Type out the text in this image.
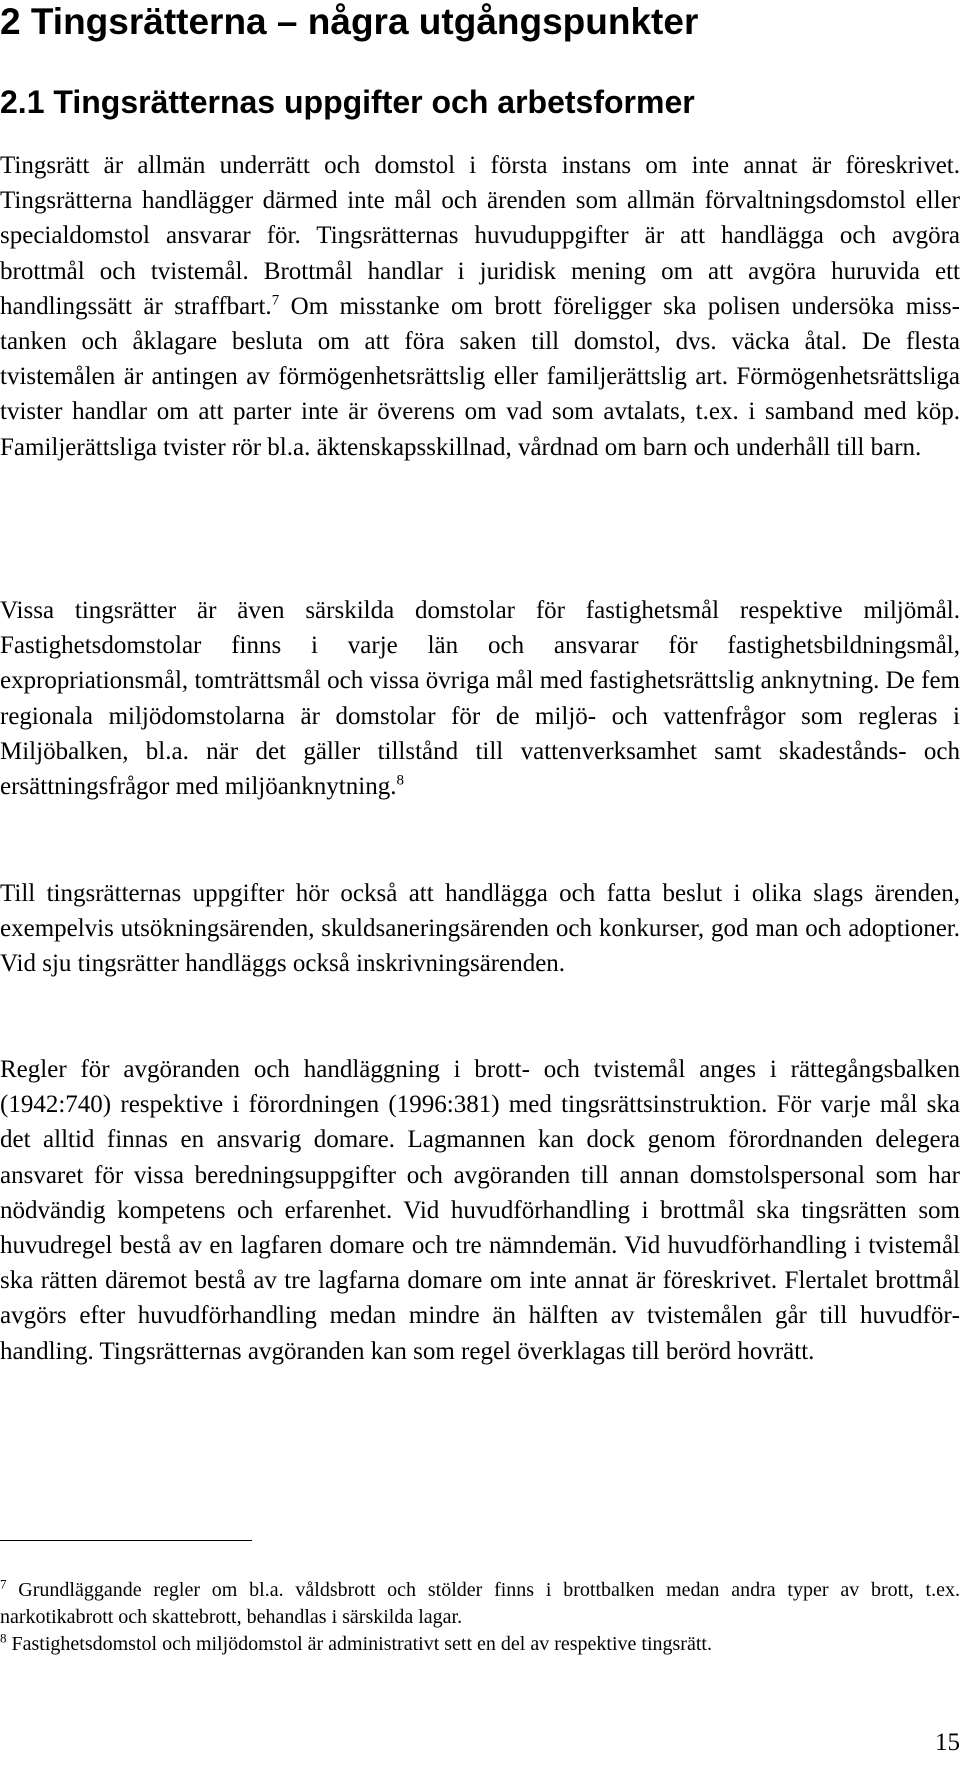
2 Tingsrätterna – några utgångspunkter
2.1 Tingsrätternas uppgifter och arbetsformer

Tingsrätt är allmän underrätt och domstol i första instans om inte annat är föreskrivet. Tingsrätterna handlägger därmed inte mål och ärenden som allmän förvaltningsdomstol eller specialdomstol ansvarar för. Tingsrätternas huvuduppgifter är att handlägga och avgöra brottmål och tvistemål. Brottmål handlar i juridisk mening om att avgöra huruvida ett handlingssätt är straffbart.$^7$ Om misstanke om brott föreligger ska polisen undersöka misstanken och åklagare besluta om att föra saken till domstol, dvs. väcka åtal. De flesta tvistemålen är antingen av förmögenhetsrättslig eller familjerättslig art. Förmögenhetsrättsliga tvister handlar om att parter inte är överens om vad som avtalats, t.ex. i samband med köp. Familjerättsliga tvister rör bl.a. äktenskapsskillnad, vårdnad om barn och underhåll till barn.

Vissa tingsrätter är även särskilda domstolar för fastighetsmål respektive miljömål. Fastighetsdomstolar finns i varje län och ansvarar för fastighetsbildningsmål, expropriationsmål, tomträttsmål och vissa övriga mål med fastighetsrättslig anknytning. De fem regionala miljödomstolarna är domstolar för de miljö- och vattenfrågor som regleras i Miljöbalken, bl.a. när det gäller tillstånd till vattenverksamhet samt skadestånds- och ersättningsfrågor med miljöanknytning.$^8$

Till tingsrätternas uppgifter hör också att handlägga och fatta beslut i olika slags ärenden, exempelvis utsökningsärenden, skuldsaneringsärenden och konkurser, god man och adoptioner. Vid sju tingsrätter handläggs också inskrivningsärenden.

Regler för avgöranden och handläggning i brott- och tvistemål anges i rättegångsbalken (1942:740) respektive i förordningen (1996:381) med tingsrättsinstruktion. För varje mål ska det alltid finnas en ansvarig domare. Lagmannen kan dock genom förordnanden delegera ansvaret för vissa beredningsuppgifter och avgöranden till annan domstolspersonal som har nödvändig kompetens och erfarenhet. Vid huvudförhandling i brottmål ska tingsrätten som huvudregel bestå av en lagfaren domare och tre nämndemän. Vid huvudförhandling i tvistemål ska rätten däremot bestå av tre lagfarna domare om inte annat är föreskrivet. Flertalet brottmål avgörs efter huvudförhandling medan mindre än hälften av tvistemålen går till huvudförhandling. Tingsrätternas avgöranden kan som regel överklagas till berörd hovrätt.

$^7$ Grundläggande regler om bl.a. våldsbrott och stölder finns i brottbalken medan andra typer av brott, t.ex. narkotikabrott och skattebrott, behandlas i särskilda lagar.

$^8$ Fastighetsdomstol och miljödomstol är administrativt sett en del av respektive tingsrätt.

15
